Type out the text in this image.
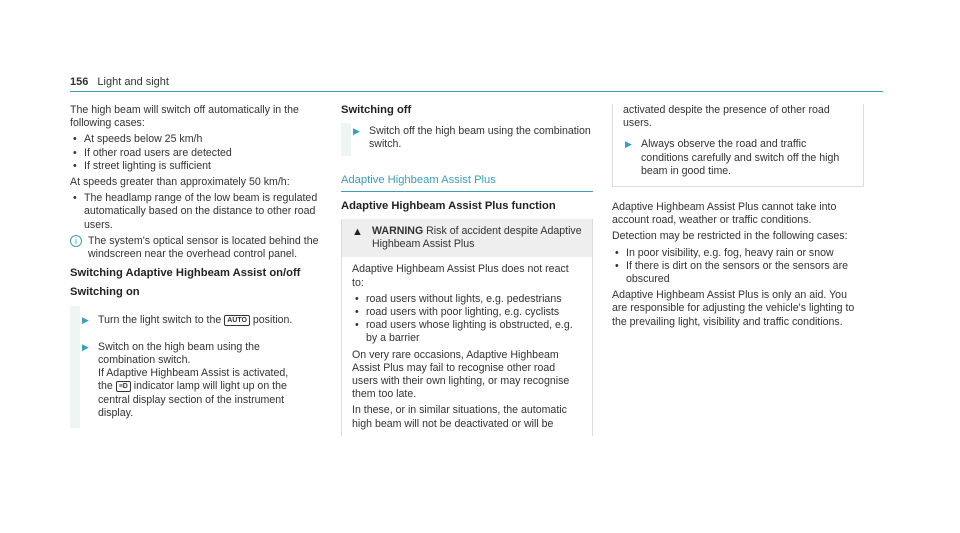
156 Light and sight

The high beam will switch off automatically in the following cases:

• At speeds below 25 km/h
• If other road users are detected
• If street lighting is sufficient

At speeds greater than approximately 50 km/h:

• The headlamp range of the low beam is regulated automatically based on the distance to other road users.
i	The system's optical sensor is located behind the windscreen near the overhead control panel.
Switching Adaptive Highbeam Assist on/off
Switching on
▶ Turn the light switch to the AUTO position.
▶ Switch on the high beam using the combination switch.
If Adaptive Highbeam Assist is activated,
the ≡D indicator lamp will light up on the central display section of the instrument display.
Switching off
▶ Switch off the high beam using the combination switch.
Adaptive Highbeam Assist Plus
Adaptive Highbeam Assist Plus function
▲ WARNING Risk of accident despite Adaptive Highbeam Assist Plus

Adaptive Highbeam Assist Plus does not react to:

• road users without lights, e.g. pedestrians
• road users with poor lighting, e.g. cyclists
• road users whose lighting is obstructed, e.g. by a barrier

On very rare occasions, Adaptive Highbeam Assist Plus may fail to recognise other road users with their own lighting, or may recognise them too late.

In these, or in similar situations, the automatic high beam will not be deactivated or will be

activated despite the presence of other road users.

▶ Always observe the road and traffic conditions carefully and switch off the high beam in good time.

Adaptive Highbeam Assist Plus cannot take into account road, weather or traffic conditions.

Detection may be restricted in the following cases:

• In poor visibility, e.g. fog, heavy rain or snow
• If there is dirt on the sensors or the sensors are obscured

Adaptive Highbeam Assist Plus is only an aid. You are responsible for adjusting the vehicle's lighting to the prevailing light, visibility and traffic conditions.
